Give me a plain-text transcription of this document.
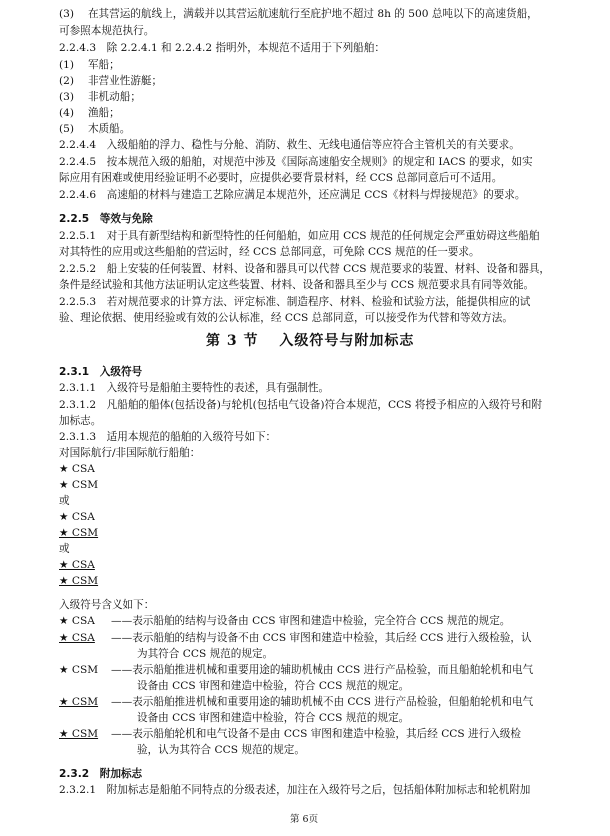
(3)　 在其营运的航线上，满载并以其营运航速航行至庇护地不超过 8h 的 500 总吨以下的高速货船，
可参照本规范执行。
2.2.4.3　除 2.2.4.1 和 2.2.4.2 指明外，本规范不适用于下列船舶：
(1)　 军船；
(2)　 非营业性游艇；
(3)　 非机动船；
(4)　 渔船；
(5)　 木质船。
2.2.4.4　入级船舶的浮力、稳性与分舱、消防、救生、无线电通信等应符合主管机关的有关要求。
2.2.4.5　按本规范入级的船舶，对规范中涉及《国际高速船安全规则》的规定和 IACS 的要求，如实
际应用有困难或使用经验证明不必要时，应提供必要背景材料，经 CCS 总部同意后可不适用。
2.2.4.6　高速船的材料与建造工艺除应满足本规范外，还应满足 CCS《材料与焊接规范》的要求。
2.2.5　等效与免除
2.2.5.1　对于具有新型结构和新型特性的任何船舶，如应用 CCS 规范的任何规定会严重妨碍这些船舶
对其特性的应用或这些船舶的营运时，经 CCS 总部同意，可免除 CCS 规范的任一要求。
2.2.5.2　船上安装的任何装置、材料、设备和器具可以代替 CCS 规范要求的装置、材料、设备和器具，
条件是经试验和其他方法证明认定这些装置、材料、设备和器具至少与 CCS 规范要求具有同等效能。
2.2.5.3　若对规范要求的计算方法、评定标准、制造程序、材料、检验和试验方法，能提供相应的试
验、理论依据、使用经验或有效的公认标准，经 CCS 总部同意，可以接受作为代替和等效方法。
第 3 节　 入级符号与附加标志
2.3.1　入级符号
2.3.1.1　入级符号是船舶主要特性的表述，具有强制性。
2.3.1.2　凡船舶的船体(包括设备)与轮机(包括电气设备)符合本规范，CCS 将授予相应的入级符号和附
加标志。
2.3.1.3　适用本规范的船舶的入级符号如下：
对国际航行/非国际航行船舶：
★ CSA
★ CSM
或
★ CSA
★ CSM
或
★ CSA
★ CSM
入级符号含义如下：
★ CSA ——表示船舶的结构与设备由 CCS 审图和建造中检验，完全符合 CCS 规范的规定。
★ CSA ——表示船舶的结构与设备不由 CCS 审图和建造中检验，其后经 CCS 进行入级检验，认
为其符合 CCS 规范的规定。
★ CSM ——表示船舶推进机械和重要用途的辅助机械由 CCS 进行产品检验，而且船舶轮机和电气
设备由 CCS 审图和建造中检验，符合 CCS 规范的规定。
★ CSM ——表示船舶推进机械和重要用途的辅助机械不由 CCS 进行产品检验，但船舶轮机和电气
设备由 CCS 审图和建造中检验，符合 CCS 规范的规定。
★ CSM ——表示船舶轮机和电气设备不是由 CCS 审图和建造中检验，其后经 CCS 进行入级检
验，认为其符合 CCS 规范的规定。
2.3.2　附加标志
2.3.2.1　附加标志是船舶不同特点的分级表述，加注在入级符号之后，包括船体附加标志和轮机附加
第 6页
